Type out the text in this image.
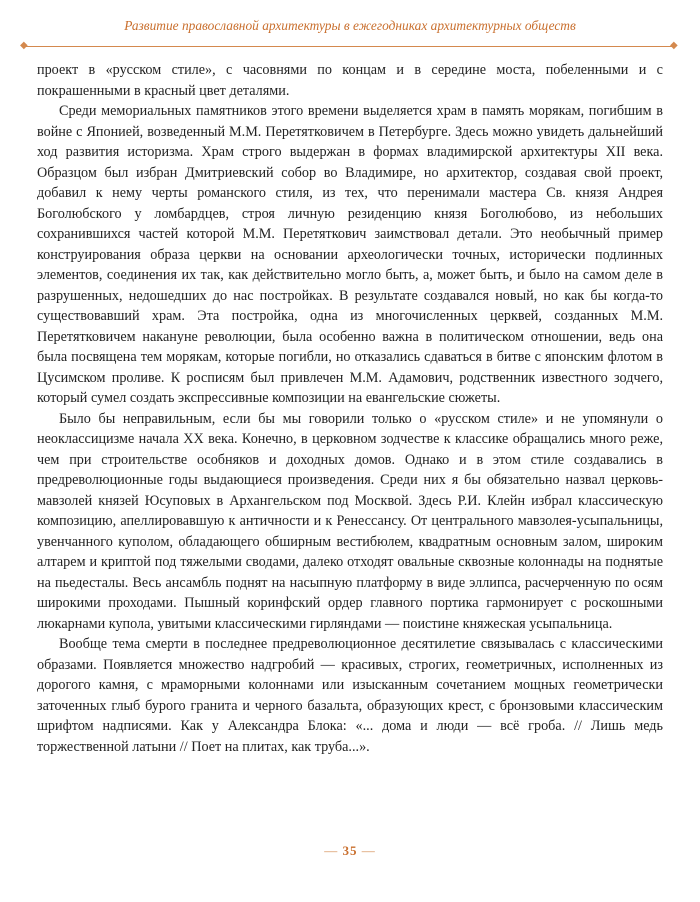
◆
Развитие православной архитектуры в ежегодниках архитектурных обществ
◆

проект в «русском стиле», с часовнями по концам и в середине моста, побеленными и с покрашенными в красный цвет деталями.

Среди мемориальных памятников этого времени выделяется храм в память морякам, погибшим в войне с Японией, возведенный М.М. Перетятковичем в Петербурге. Здесь можно увидеть дальнейший ход развития историзма. Храм строго выдержан в формах владимирской архитектуры XII века. Образцом был избран Дмитриевский собор во Владимире, но архитектор, создавая свой проект, добавил к нему черты романского стиля, из тех, что перенимали мастера Св. князя Андрея Боголюбского у ломбардцев, строя личную резиденцию князя Боголюбово, из небольших сохранившихся частей которой М.М. Перетяткович заимствовал детали. Это необычный пример конструирования образа церкви на основании археологически точных, исторически подлинных элементов, соединения их так, как действительно могло быть, а, может быть, и было на самом деле в разрушенных, недошедших до нас постройках. В результате создавался новый, но как бы когда-то существовавший храм. Эта постройка, одна из многочисленных церквей, созданных М.М. Перетятковичем накануне революции, была особенно важна в политическом отношении, ведь она была посвящена тем морякам, которые погибли, но отказались сдаваться в битве с японским флотом в Цусимском проливе. К росписям был привлечен М.М. Адамович, родственник известного зодчего, который сумел создать экспрессивные композиции на евангельские сюжеты.

Было бы неправильным, если бы мы говорили только о «русском стиле» и не упомянули о неоклассицизме начала XX века. Конечно, в церковном зодчестве к классике обращались много реже, чем при строительстве особняков и доходных домов. Однако и в этом стиле создавались в предреволюционные годы выдающиеся произведения. Среди них я бы обязательно назвал церковь-мавзолей князей Юсуповых в Архангельском под Москвой. Здесь Р.И. Клейн избрал классическую композицию, апеллировавшую к античности и к Ренессансу. От центрального мавзолея-усыпальницы, увенчанного куполом, обладающего обширным вестибюлем, квадратным основным залом, широким алтарем и криптой под тяжелыми сводами, далеко отходят овальные сквозные колоннады на поднятые на пьедесталы. Весь ансамбль поднят на насыпную платформу в виде эллипса, расчерченную по осям широкими проходами. Пышный коринфский ордер главного портика гармонирует с роскошными люкарнами купола, увитыми классическими гирляндами — поистине княжеская усыпальница.

Вообще тема смерти в последнее предреволюционное десятилетие связывалась с классическими образами. Появляется множество надгробий — красивых, строгих, геометричных, исполненных из дорогого камня, с мраморными колоннами или изысканным сочетанием мощных геометрически заточенных глыб бурого гранита и черного базальта, образующих крест, с бронзовыми классическим шрифтом надписями. Как у Александра Блока: «... дома и люди — всё гроба. // Лишь медь торжественной латыни // Поет на плитах, как труба...».

— 35 —
